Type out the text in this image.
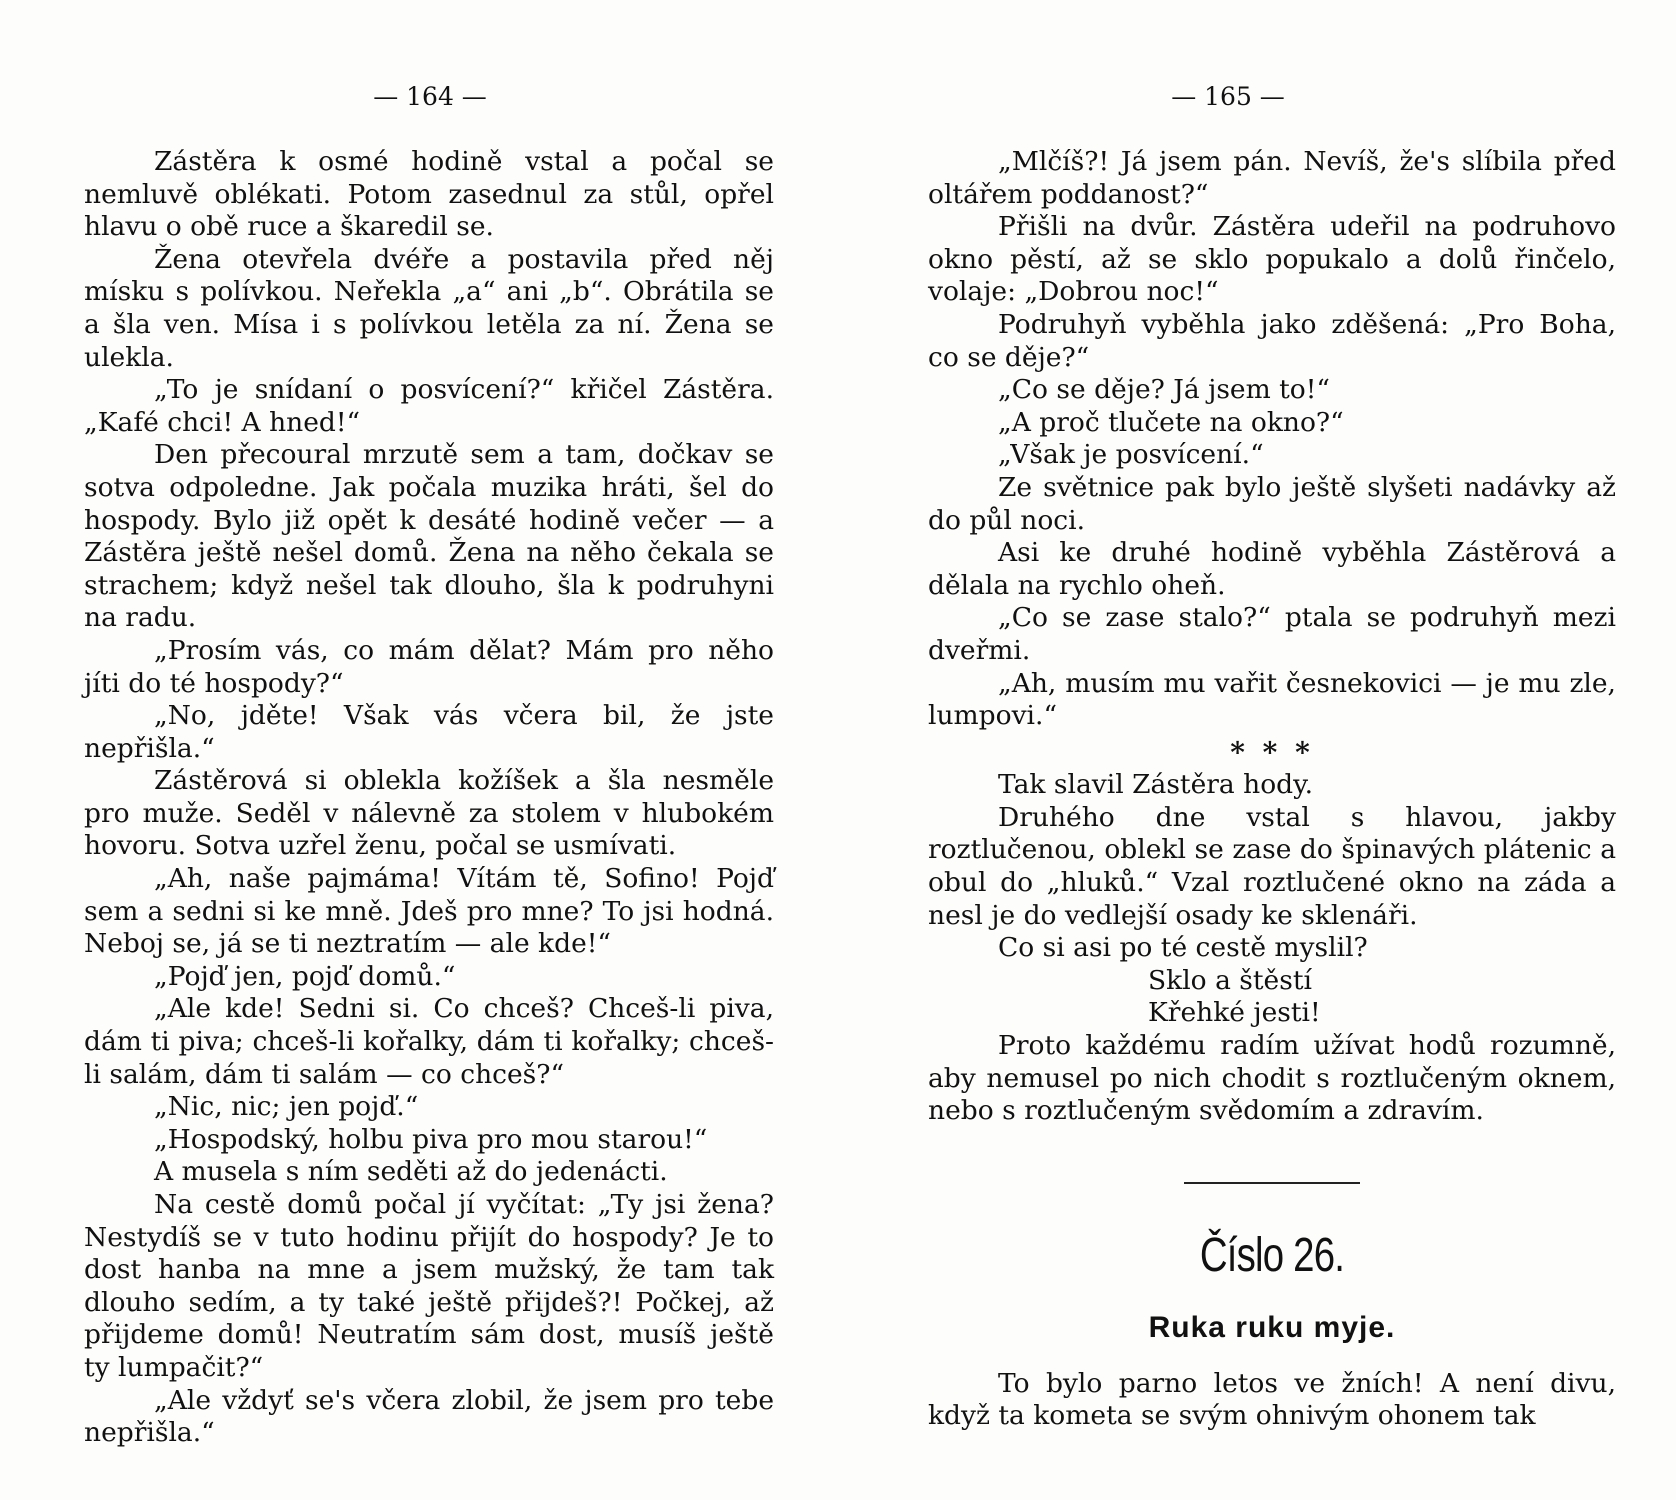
— 164 —

Zástěra k osmé hodině vstal a počal se nemluvě oblékati. Potom zasednul za stůl, opřel hlavu o obě ruce a škaredil se.

Žena otevřela dvéře a postavila před něj mísku s polívkou. Neřekla „a“ ani „b“. Obrátila se a šla ven. Mísa i s polívkou letěla za ní. Žena se ulekla.

„To je snídaní o posvícení?“ křičel Zástěra. „Kafé chci! A hned!“

Den přecoural mrzutě sem a tam, dočkav se sotva odpoledne. Jak počala muzika hráti, šel do hospody. Bylo již opět k desáté hodině večer — a Zástěra ještě nešel domů. Žena na něho čekala se strachem; když nešel tak dlouho, šla k podruhyni na radu.

„Prosím vás, co mám dělat? Mám pro něho jíti do té hospody?“

„No, jděte! Však vás včera bil, že jste nepřišla.“

Zástěrová si oblekla kožíšek a šla nesměle pro muže. Seděl v nálevně za stolem v hlubokém hovoru. Sotva uzřel ženu, počal se usmívati.

„Ah, naše pajmáma! Vítám tě, Sofino! Pojď sem a sedni si ke mně. Jdeš pro mne? To jsi hodná. Neboj se, já se ti neztratím — ale kde!“

„Pojď jen, pojď domů.“

„Ale kde! Sedni si. Co chceš? Chceš-li piva, dám ti piva; chceš-li kořalky, dám ti kořalky; chceš-li salám, dám ti salám — co chceš?“

„Nic, nic; jen pojď.“

„Hospodský, holbu piva pro mou starou!“

A musela s ním seděti až do jedenácti.

Na cestě domů počal jí vyčítat: „Ty jsi žena? Nestydíš se v tuto hodinu přijít do hospody? Je to dost hanba na mne a jsem mužský, že tam tak dlouho sedím, a ty také ještě přijdeš?! Počkej, až přijdeme domů! Neutratím sám dost, musíš ještě ty lumpačit?“

„Ale vždyť se's včera zlobil, že jsem pro tebe nepřišla.“

— 165 —

„Mlčíš?! Já jsem pán. Nevíš, že's slíbila před oltářem poddanost?“

Přišli na dvůr. Zástěra udeřil na podruhovo okno pěstí, až se sklo popukalo a dolů řinčelo, volaje: „Dobrou noc!“

Podruhyň vyběhla jako zděšená: „Pro Boha, co se děje?“

„Co se děje? Já jsem to!“

„A proč tlučete na okno?“

„Však je posvícení.“

Ze světnice pak bylo ještě slyšeti nadávky až do půl noci.

Asi ke druhé hodině vyběhla Zástěrová a dělala na rychlo oheň.

„Co se zase stalo?“ ptala se podruhyň mezi dveřmi.

„Ah, musím mu vařit česnekovici — je mu zle, lumpovi.“

* * *

Tak slavil Zástěra hody.

Druhého dne vstal s hlavou, jakby roztlučenou, oblekl se zase do špinavých plátenic a obul do „hluků.“ Vzal roztlučené okno na záda a nesl je do vedlejší osady ke sklenáři.

Co si asi po té cestě myslil?

Sklo a štěstí

Křehké jesti!

Proto každému radím užívat hodů rozumně, aby nemusel po nich chodit s roztlučeným oknem, nebo s roztlučeným svědomím a zdravím.

Číslo 26.
Ruka ruku myje.

To bylo parno letos ve žních! A není divu, když ta kometa se svým ohnivým ohonem tak
